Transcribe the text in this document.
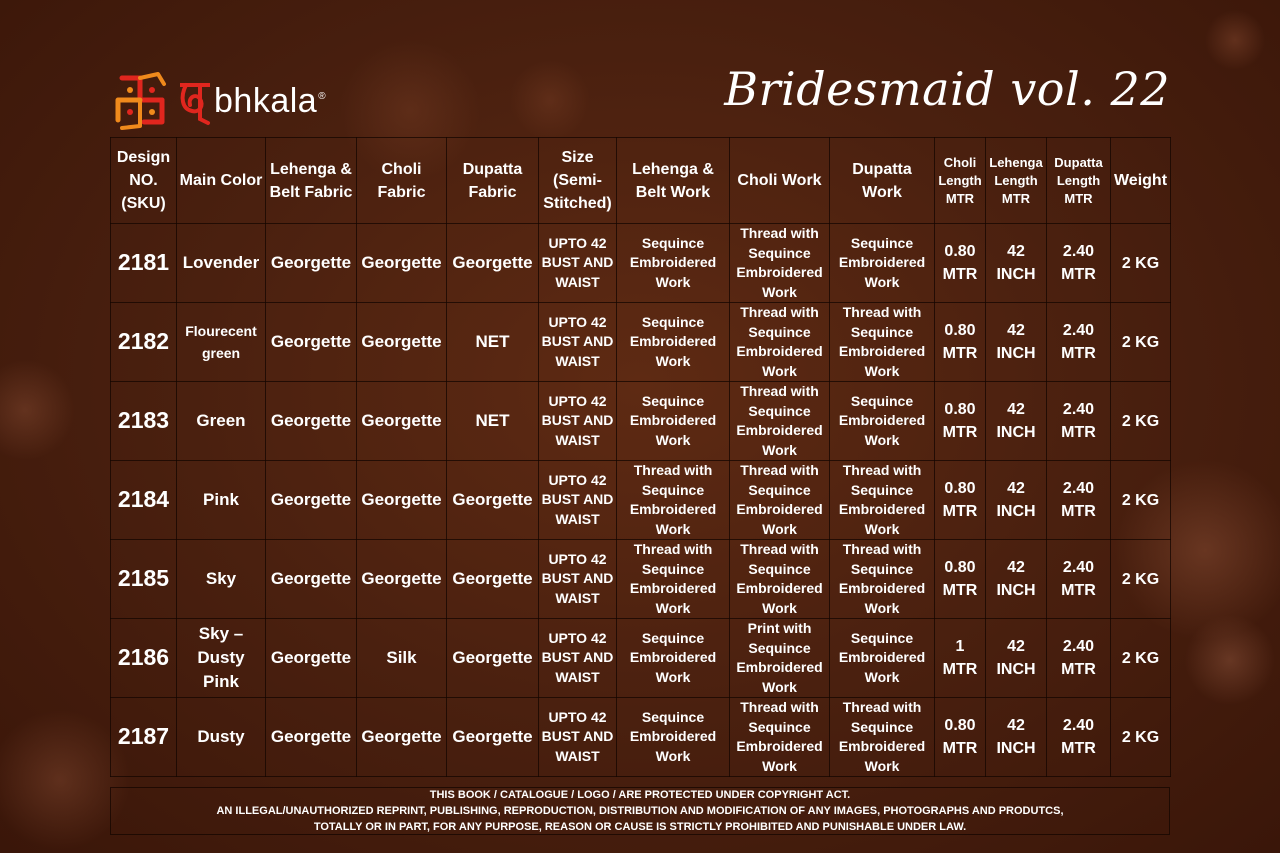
bhkala®	Bridesmaid vol. 22
Design NO. (SKU)	Main Color	Lehenga & Belt Fabric	Choli Fabric	Dupatta Fabric	Size (Semi-Stitched)	Lehenga & Belt Work	Choli Work	Dupatta Work	Choli Length MTR	Lehenga Length MTR	Dupatta Length MTR	Weight
2181	Lovender	Georgette	Georgette	Georgette	UPTO 42 BUST AND WAIST	Sequince Embroidered Work	Thread with Sequince Embroidered Work	Sequince Embroidered Work	0.80 MTR	42 INCH	2.40 MTR	2 KG
2182	Flourecent green	Georgette	Georgette	NET	UPTO 42 BUST AND WAIST	Sequince Embroidered Work	Thread with Sequince Embroidered Work	Thread with Sequince Embroidered Work	0.80 MTR	42 INCH	2.40 MTR	2 KG
2183	Green	Georgette	Georgette	NET	UPTO 42 BUST AND WAIST	Sequince Embroidered Work	Thread with Sequince Embroidered Work	Sequince Embroidered Work	0.80 MTR	42 INCH	2.40 MTR	2 KG
2184	Pink	Georgette	Georgette	Georgette	UPTO 42 BUST AND WAIST	Thread with Sequince Embroidered Work	Thread with Sequince Embroidered Work	Thread with Sequince Embroidered Work	0.80 MTR	42 INCH	2.40 MTR	2 KG
2185	Sky	Georgette	Georgette	Georgette	UPTO 42 BUST AND WAIST	Thread with Sequince Embroidered Work	Thread with Sequince Embroidered Work	Thread with Sequince Embroidered Work	0.80 MTR	42 INCH	2.40 MTR	2 KG
2186	Sky – Dusty Pink	Georgette	Silk	Georgette	UPTO 42 BUST AND WAIST	Sequince Embroidered Work	Print with Sequince Embroidered Work	Sequince Embroidered Work	1 MTR	42 INCH	2.40 MTR	2 KG
2187	Dusty	Georgette	Georgette	Georgette	UPTO 42 BUST AND WAIST	Sequince Embroidered Work	Thread with Sequince Embroidered Work	Thread with Sequince Embroidered Work	0.80 MTR	42 INCH	2.40 MTR	2 KG
THIS BOOK / CATALOGUE / LOGO / ARE PROTECTED UNDER COPYRIGHT ACT.
AN ILLEGAL/UNAUTHORIZED REPRINT, PUBLISHING, REPRODUCTION, DISTRIBUTION AND MODIFICATION OF ANY IMAGES, PHOTOGRAPHS AND PRODUTCS,
TOTALLY OR IN PART, FOR ANY PURPOSE, REASON OR CAUSE IS STRICTLY PROHIBITED AND PUNISHABLE UNDER LAW.
